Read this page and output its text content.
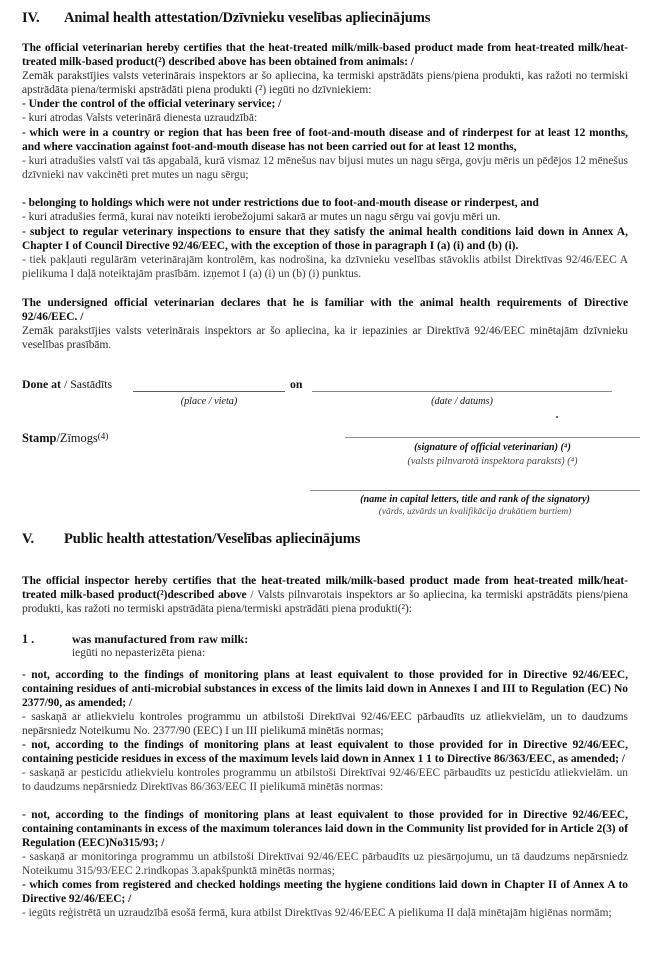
IV.	Animal health attestation/Dzīvnieku veselības apliecinājums

The official veterinarian hereby certifies that the heat-treated milk/milk-based product made from heat-treated milk/heat-treated milk-based product(²) described above has been obtained from animals: /

Zemāk parakstījies valsts veterinārais inspektors ar šo apliecina, ka termiski apstrādāts piens/piena produkti, kas ražoti no termiski apstrādāta piena/termiski apstrādāti piena produkti (²) iegūti no dzīvniekiem:

- Under the control of the official veterinary service; /

- kuri atrodas Valsts veterinārā dienesta uzraudzībā:

- which were in a country or region that has been free of foot-and-mouth disease and of rinderpest for at least 12 months, and where vaccination against foot-and-mouth disease has not been carried out for at least 12 months,

- kuri atradušies valstī vai tās apgabalā, kurā vismaz 12 mēnešus nav bijusi mutes un nagu sērga, govju mēris un pēdējos 12 mēnešus dzīvnieki nav vakcinēti pret mutes un nagu sērgu;

- belonging to holdings which were not under restrictions due to foot-and-mouth disease or rinderpest, and

- kuri atradušies fermā, kurai nav noteikti ierobežojumi sakarā ar mutes un nagu sērgu vai govju mēri un.

- subject to regular veterinary inspections to ensure that they satisfy the animal health conditions laid down in Annex A, Chapter I of Council Directive 92/46/EEC, with the exception of those in paragraph I (a) (i) and (b) (i).

- tiek pakļauti regulārām veterinārajām kontrolēm, kas nodrošina, ka dzīvnieku veselības stāvoklis atbilst Direktīvas 92/46/EEC A pielikuma I daļā noteiktajām prasībām. izņemot I (a) (i) un (b) (i) punktus.

The undersigned official veterinarian declares that he is familiar with the animal health requirements of Directive 92/46/EEC. /

Zemāk parakstījies valsts veterinārais inspektors ar šo apliecina, ka ir iepazinies ar Direktīvā 92/46/EEC minētajām dzīvnieku veselības prasībām.

Done at / Sastādīts	on
(place / vieta)	(date / datums)
Stamp/Zīmogs$^{(4)}$
(signature of official veterinarian) (⁴)
(valsts pilnvarotā inspektora paraksts) (⁴)
(name in capital letters, title and rank of the signatory)
(vārds, uzvārds un kvalifikācija drukātiem burtiem)
V.	Public health attestation/Veselības apliecinājums

The official inspector hereby certifies that the heat-treated milk/milk-based product made from heat-treated milk/heat-treated milk-based product(²)described above / Valsts pilnvarotais inspektors ar šo apliecina, ka termiski apstrādāts piens/piena produkti, kas ražoti no termiski apstrādāta piena/termiski apstrādāti piena produkti(²):

1 .	was manufactured from raw milk:
iegūti no nepasterizēta piena:

- not, according to the findings of monitoring plans at least equivalent to those provided for in Directive 92/46/EEC, containing residues of anti-microbial substances in excess of the limits laid down in Annexes I and III to Regulation (EC) No 2377/90, as amended; /

- saskaņā ar atliekvielu kontroles programmu un atbilstoši Direktīvai 92/46/EEC pārbaudīts uz atliekvielām, un to daudzums nepārsniedz Noteikumu No. 2377/90 (EEC) I un III pielikumā minētās normas;

- not, according to the findings of monitoring plans at least equivalent to those provided for in Directive 92/46/EEC, containing pesticide residues in excess of the maximum levels laid down in Annex 1 1 to Directive 86/363/EEC, as amended; /

- saskaņā ar pesticīdu atliekvielu kontroles programmu un atbilstoši Direktīvai 92/46/EEC pārbaudīts uz pesticīdu atliekvielām. un to daudzums nepārsniedz Direktīvas 86/363/EEC II pielikumā minētās normas:

- not, according to the findings of monitoring plans at least equivalent to those provided for in Directive 92/46/EEC, containing contaminants in excess of the maximum tolerances laid down in the Community list provided for in Article 2(3) of Regulation (EEC)No315/93; /

- saskaņā ar monitoringa programmu un atbilstoši Direktīvai 92/46/EEC pārbaudīts uz piesārņojumu, un tā daudzums nepārsniedz Noteikumu 315/93/EEC 2.rindkopas 3.apakšpunktā minētās normas;

- which comes from registered and checked holdings meeting the hygiene conditions laid down in Chapter II of Annex A to Directive 92/46/EEC; /

- iegūts reģistrētā un uzraudzībā esošā fermā, kura atbilst Direktīvas 92/46/EEC A pielikuma II daļā minētajām higiēnas normām;
